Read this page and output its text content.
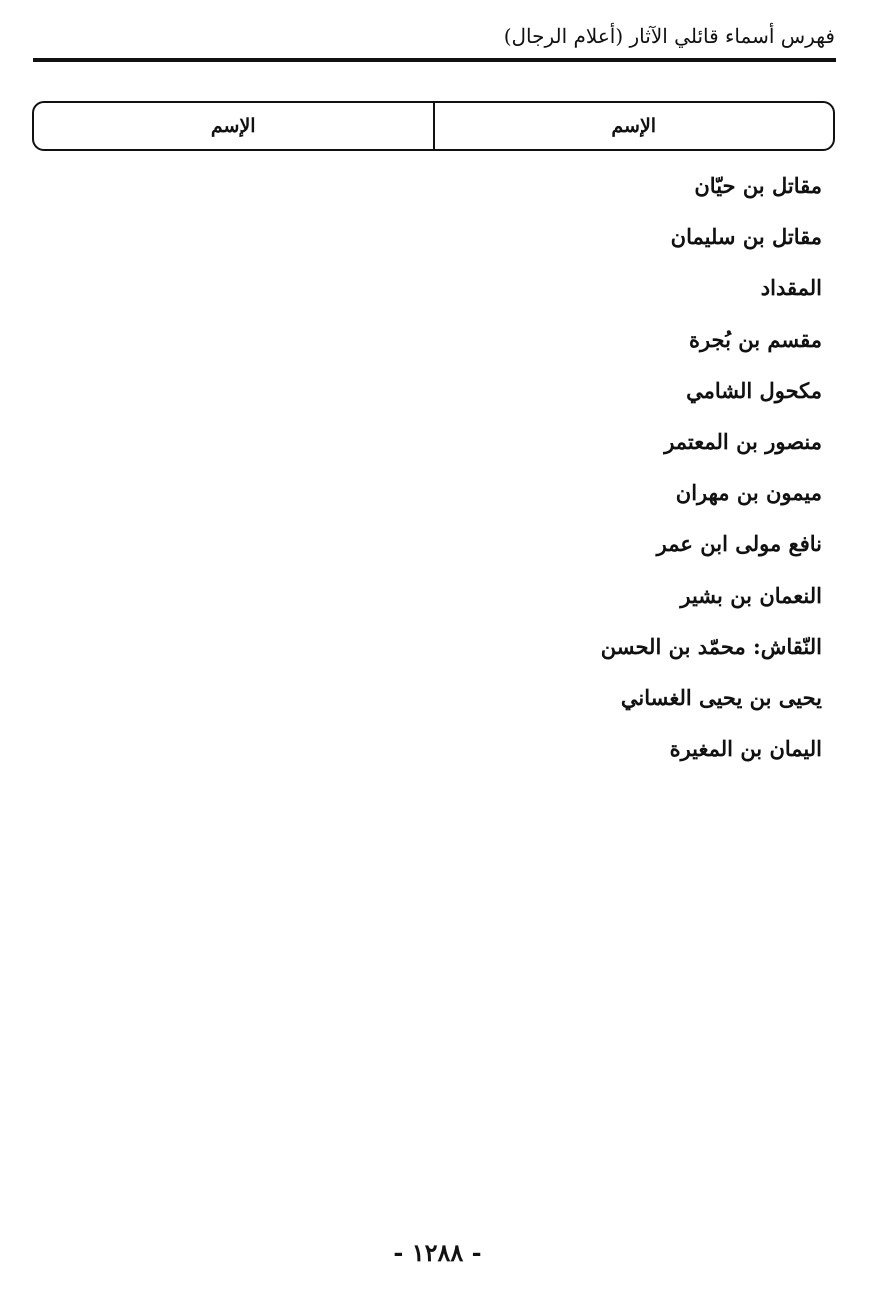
فهرس أسماء قائلي الآثار (أعلام الرجال)
الإسم
الإسم
مقاتل بن حيّان
مقاتل بن سليمان
المقداد
مقسم بن بُجرة
مكحول الشامي
منصور بن المعتمر
ميمون بن مهران
نافع مولى ابن عمر
النعمان بن بشير
النّقاش: محمّد بن الحسن
يحيى بن يحيى الغساني
اليمان بن المغيرة
- ١٢٨٨ -
